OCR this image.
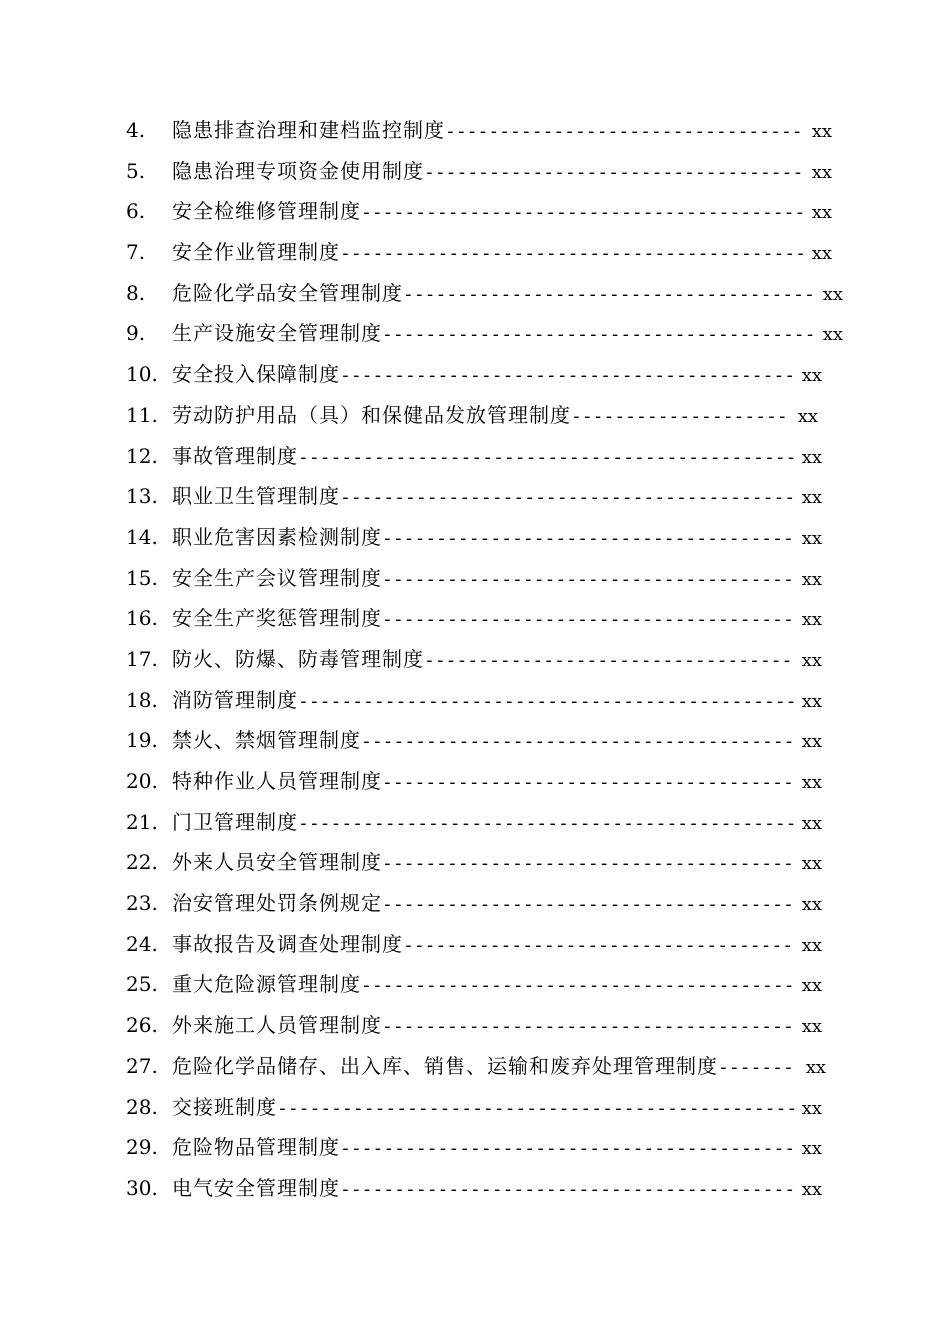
4. 隐患排查治理和建档监控制度--------------------------------- xx
5. 隐患治理专项资金使用制度----------------------------------- xx
6. 安全检维修管理制度----------------------------------------- xx
7. 安全作业管理制度------------------------------------------- xx
8. 危险化学品安全管理制度-------------------------------------- xx
9. 生产设施安全管理制度---------------------------------------- xx
10. 安全投入保障制度------------------------------------------ xx
11. 劳动防护用品（具）和保健品发放管理制度-------------------- xx
12. 事故管理制度---------------------------------------------- xx
13. 职业卫生管理制度------------------------------------------ xx
14. 职业危害因素检测制度-------------------------------------- xx
15. 安全生产会议管理制度-------------------------------------- xx
16. 安全生产奖惩管理制度-------------------------------------- xx
17. 防火、防爆、防毒管理制度---------------------------------- xx
18. 消防管理制度---------------------------------------------- xx
19. 禁火、禁烟管理制度---------------------------------------- xx
20. 特种作业人员管理制度-------------------------------------- xx
21. 门卫管理制度---------------------------------------------- xx
22. 外来人员安全管理制度-------------------------------------- xx
23. 治安管理处罚条例规定-------------------------------------- xx
24. 事故报告及调查处理制度------------------------------------ xx
25. 重大危险源管理制度---------------------------------------- xx
26. 外来施工人员管理制度-------------------------------------- xx
27. 危险化学品储存、出入库、销售、运输和废弃处理管理制度------- xx
28. 交接班制度------------------------------------------------ xx
29. 危险物品管理制度------------------------------------------ xx
30. 电气安全管理制度------------------------------------------ xx
